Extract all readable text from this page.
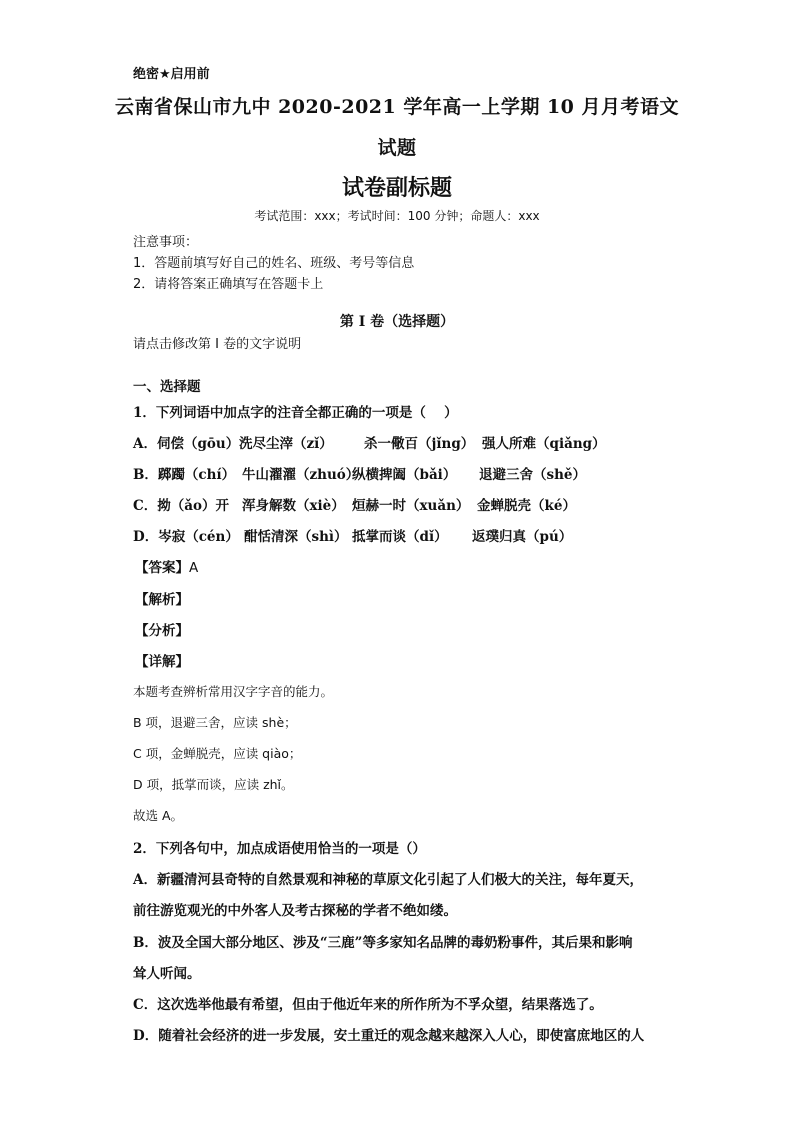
绝密★启用前
云南省保山市九中 2020-2021 学年高一上学期 10 月月考语文
试题
试卷副标题
考试范围：xxx；考试时间：100 分钟；命题人：xxx
注意事项：
1．答题前填写好自己的姓名、班级、考号等信息
2．请将答案正确填写在答题卡上
第 I 卷（选择题）
请点击修改第 I 卷的文字说明
一、选择题
1．下列词语中加点字的注音全都正确的一项是（　 ）
A．伺偿（gōu）洗尽尘滓（zǐ） 杀一儆百（jǐng） 强人所难（qiǎng）
B．踯躅（chí） 牛山濯濯（zhuó）纵横捭阖（bǎi） 退避三舍（shě）
C．拗（ǎo）开 浑身解数（xiè） 烜赫一时（xuǎn） 金蝉脱壳（ké）
D．岑寂（cén） 酣恬清深（shì） 抵掌而谈（dǐ） 返璞归真（pú）
【答案】A
【解析】
【分析】
【详解】
本题考查辨析常用汉字字音的能力。
B 项，退避三舍，应读 shè；
C 项，金蝉脱壳，应读 qiào；
D 项，抵掌而谈，应读 zhǐ。
故选 A。
2．下列各句中，加点成语使用恰当的一项是（）
A．新疆清河县奇特的自然景观和神秘的草原文化引起了人们极大的关注，每年夏天，
前往游览观光的中外客人及考古探秘的学者不绝如缕。
B．波及全国大部分地区、涉及“三鹿”等多家知名品牌的毒奶粉事件，其后果和影响
耸人听闻。
C．这次选举他最有希望，但由于他近年来的所作所为不孚众望，结果落选了。
D．随着社会经济的进一步发展，安土重迁的观念越来越深入人心，即使富庶地区的人
